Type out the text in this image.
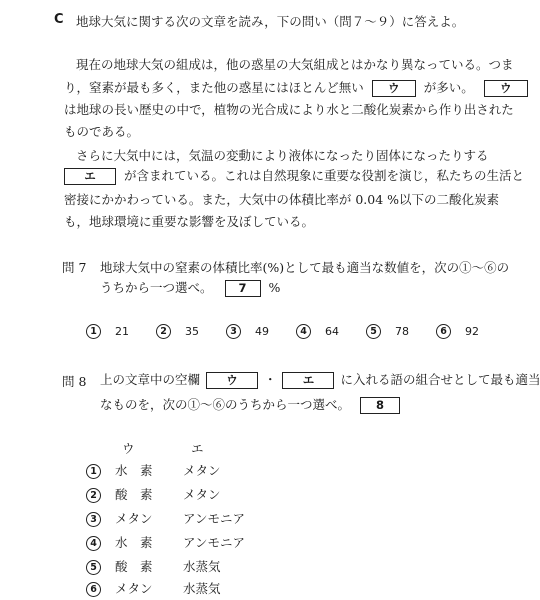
C 地球大気に関する次の文章を読み，下の問い（問７～９）に答えよ。
現在の地球大気の組成は，他の惑星の大気組成とはかなり異なっている。つま
り，窒素が最も多く，また他の惑星にはほとんど無い ウ が多い。 ウ
は地球の長い歴史の中で，植物の光合成により水と二酸化炭素から作り出された
ものである。
さらに大気中には，気温の変動により液体になったり固体になったりする
エ が含まれている。これは自然現象に重要な役割を演じ，私たちの生活と
密接にかかわっている。また，大気中の体積比率が 0.04 %以下の二酸化炭素
も，地球環境に重要な影響を及ぼしている。
問 7 地球大気中の窒素の体積比率(%)として最も適当な数値を，次の①～⑥の
うちから一つ選べ。 7 %
1 21	2 35	3 49	4 64	5 78	6 92
問 8 上の文章中の空欄 ウ ・ エ に入れる語の組合せとして最も適当
なものを，次の①～⑥のうちから一つ選べ。 8
ウ	エ
1 水　素 メタン
2 酸　素 メタン
3 メタン アンモニア
4 水　素 アンモニア
5 酸　素 水蒸気
6 メタン 水蒸気
